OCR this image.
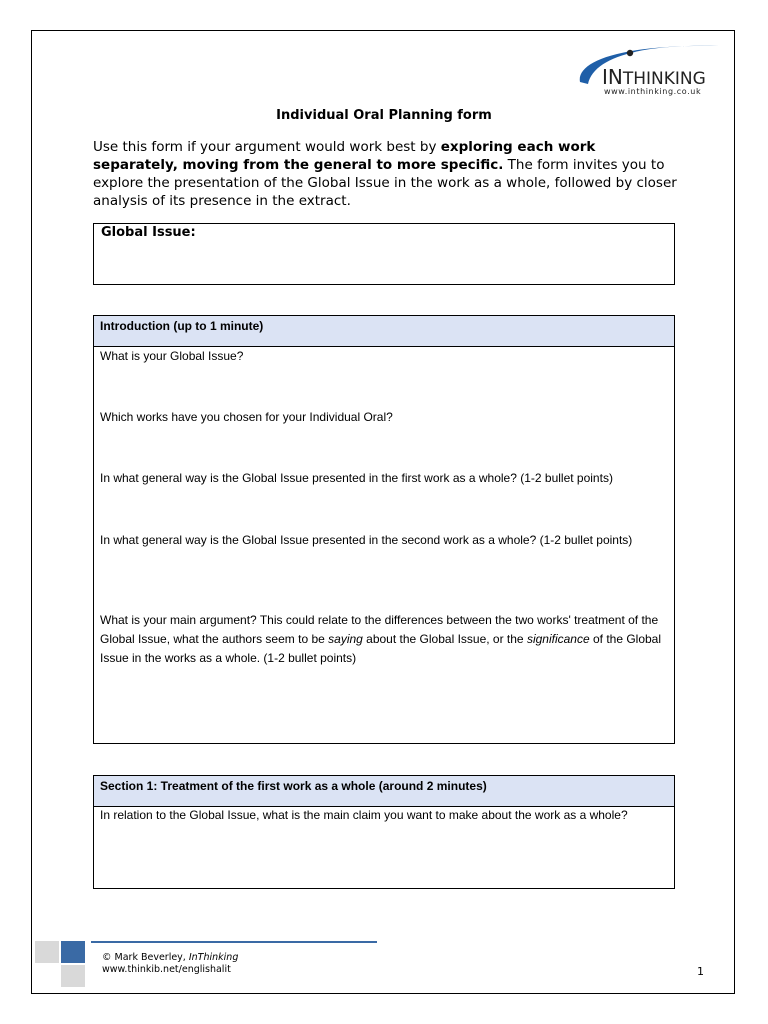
INTHINKING
www.inthinking.co.uk
Individual Oral Planning form
Use this form if your argument would work best by exploring each work separately, moving from the general to more specific. The form invites you to explore the presentation of the Global Issue in the work as a whole, followed by closer analysis of its presence in the extract.
Global Issue:
Introduction (up to 1 minute)
What is your Global Issue?
Which works have you chosen for your Individual Oral?
In what general way is the Global Issue presented in the first work as a whole? (1-2 bullet points)
In what general way is the Global Issue presented in the second work as a whole? (1-2 bullet points)
What is your main argument? This could relate to the differences between the two works' treatment of the Global Issue, what the authors seem to be saying about the Global Issue, or the significance of the Global Issue in the works as a whole. (1-2 bullet points)
Section 1: Treatment of the first work as a whole (around 2 minutes)
In relation to the Global Issue, what is the main claim you want to make about the work as a whole?
© Mark Beverley, InThinking
www.thinkib.net/englishalit	1
